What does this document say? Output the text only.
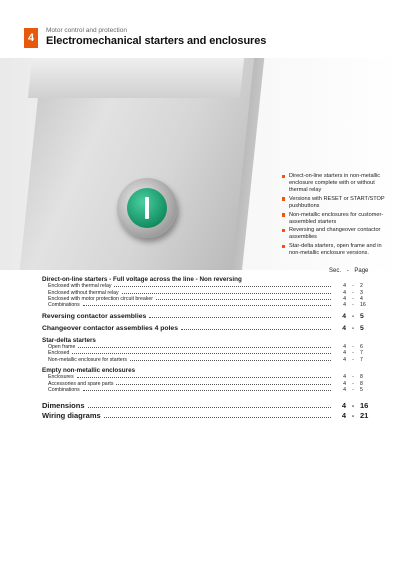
4
Motor control and protection
Electromechanical starters and enclosures
Direct-on-line starters in non-metallic enclosure complete with or without thermal relay
Versions with RESET or START/STOP pushbuttons
Non-metallic enclosures for customer-assembled starters
Reversing and changeover contactor assemblies
Star-delta starters, open frame and in non-metallic enclosure versions.
Sec. - Page
Direct-on-line starters - Full voltage across the line - Non reversing
Enclosed with thermal relay	4	-	2
Enclosed without thermal relay	4	-	3
Enclosed with motor protection circuit breaker	4	-	4
Combinations	4	-	16
Reversing contactor assemblies	4 - 5
Changeover contactor assemblies 4 poles	4 - 5
Star-delta starters
Open frame	4	-	6
Enclosed	4	-	7
Non-metallic enclosure for starters	4	-	7
Empty non-metallic enclosures
Enclosures	4	-	8
Accessories and spare parts	4	-	8
Combinations	4	-	5
Dimensions	4 - 16
Wiring diagrams	4 - 21
